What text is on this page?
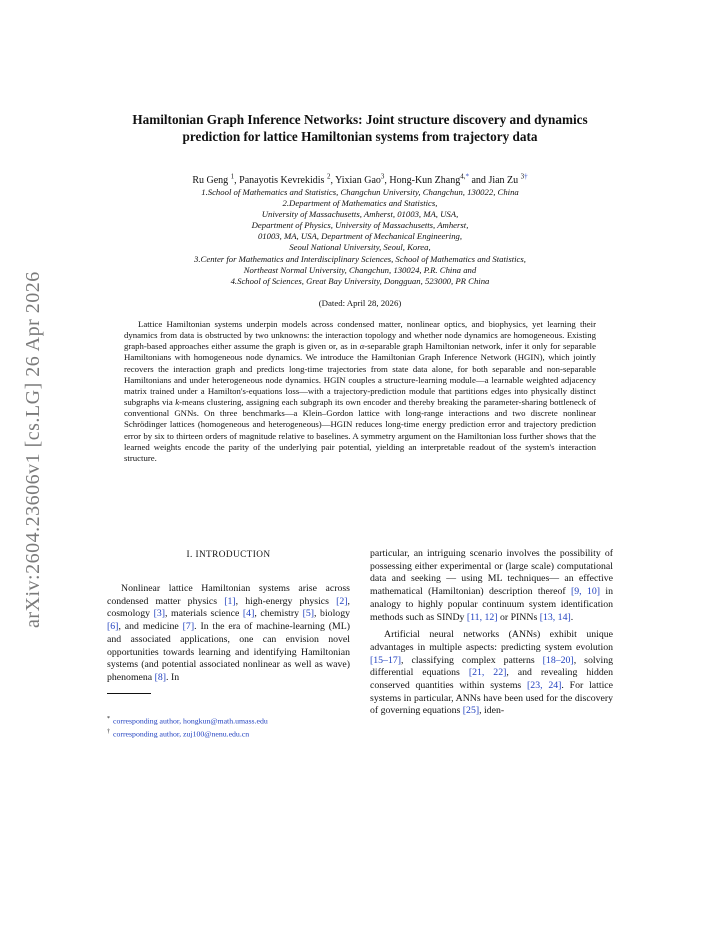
arXiv:2604.23606v1 [cs.LG] 26 Apr 2026
Hamiltonian Graph Inference Networks: Joint structure discovery and dynamics prediction for lattice Hamiltonian systems from trajectory data
Ru Geng $^1$, Panayotis Kevrekidis $^2$, Yixian Gao$^3$, Hong-Kun Zhang$^{4,*}$ and Jian Zu $^{3\dagger}$
1.School of Mathematics and Statistics, Changchun University, Changchun, 130022, China
2.Department of Mathematics and Statistics,
University of Massachusetts, Amherst, 01003, MA, USA,
Department of Physics, University of Massachusetts, Amherst,
01003, MA, USA, Department of Mechanical Engineering,
Seoul National University, Seoul, Korea,
3.Center for Mathematics and Interdisciplinary Sciences, School of Mathematics and Statistics,
Northeast Normal University, Changchun, 130024, P.R. China and
4.School of Sciences, Great Bay University, Dongguan, 523000, PR China
(Dated: April 28, 2026)
Lattice Hamiltonian systems underpin models across condensed matter, nonlinear optics, and biophysics, yet learning their dynamics from data is obstructed by two unknowns: the interaction topology and whether node dynamics are homogeneous. Existing graph-based approaches either assume the graph is given or, as in α-separable graph Hamiltonian network, infer it only for separable Hamiltonians with homogeneous node dynamics. We introduce the Hamiltonian Graph Inference Network (HGIN), which jointly recovers the interaction graph and predicts long-time trajectories from state data alone, for both separable and non-separable Hamiltonians and under heterogeneous node dynamics. HGIN couples a structure-learning module—a learnable weighted adjacency matrix trained under a Hamilton's-equations loss—with a trajectory-prediction module that partitions edges into physically distinct subgraphs via k-means clustering, assigning each subgraph its own encoder and thereby breaking the parameter-sharing bottleneck of conventional GNNs. On three benchmarks—a Klein–Gordon lattice with long-range interactions and two discrete nonlinear Schrödinger lattices (homogeneous and heterogeneous)—HGIN reduces long-time energy prediction error and trajectory prediction error by six to thirteen orders of magnitude relative to baselines. A symmetry argument on the Hamiltonian loss further shows that the learned weights encode the parity of the underlying pair potential, yielding an interpretable readout of the system's interaction structure.
I. INTRODUCTION

Nonlinear lattice Hamiltonian systems arise across condensed matter physics [1], high-energy physics [2], cosmology [3], materials science [4], chemistry [5], biology [6], and medicine [7]. In the era of machine-learning (ML) and associated applications, one can envision novel opportunities towards learning and identifying Hamiltonian systems (and potential associated nonlinear as well as wave) phenomena [8]. In

particular, an intriguing scenario involves the possibility of possessing either experimental or (large scale) computational data and seeking — using ML techniques— an effective mathematical (Hamiltonian) description thereof [9, 10] in analogy to highly popular continuum system identification methods such as SINDy [11, 12] or PINNs [13, 14].

Artificial neural networks (ANNs) exhibit unique advantages in multiple aspects: predicting system evolution [15–17], classifying complex patterns [18–20], solving differential equations [21, 22], and revealing hidden conserved quantities within systems [23, 24]. For lattice systems in particular, ANNs have been used for the discovery of governing equations [25], iden-

* corresponding author, hongkun@math.umass.edu
† corresponding author, zuj100@nenu.edu.cn
